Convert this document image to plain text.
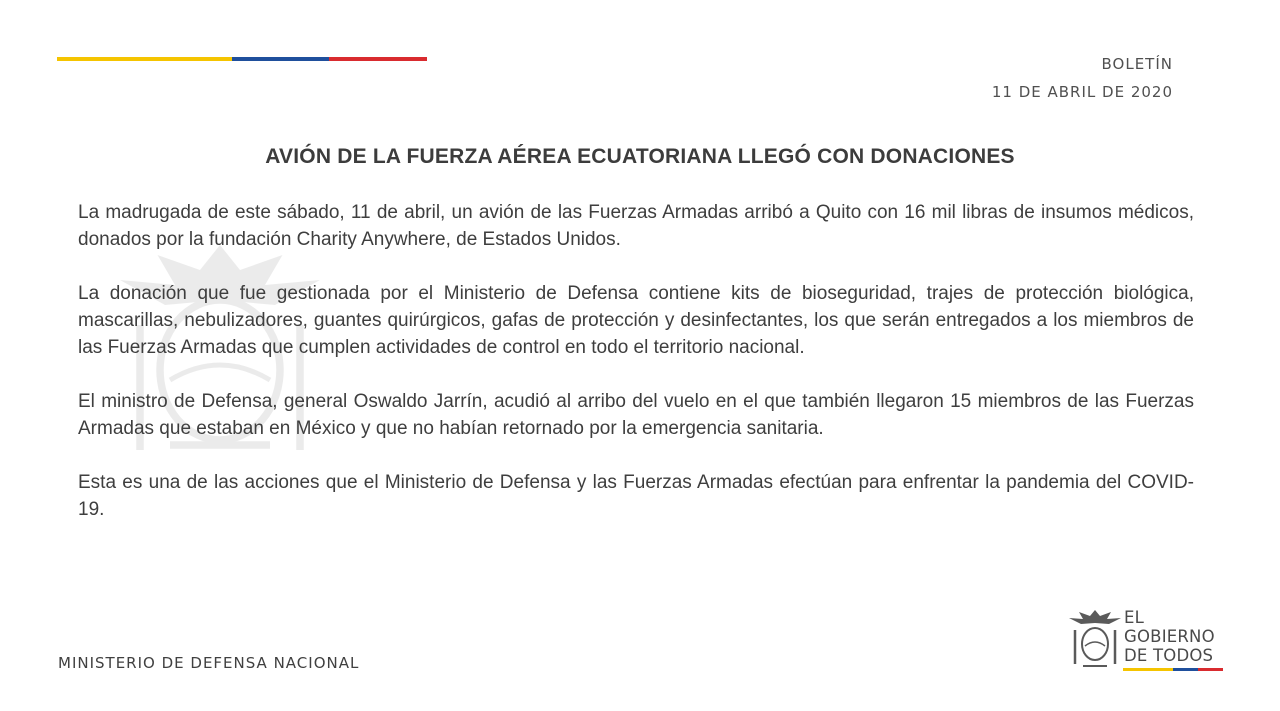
BOLETÍN
11 DE ABRIL DE 2020
AVIÓN DE LA FUERZA AÉREA ECUATORIANA LLEGÓ CON DONACIONES

La madrugada de este sábado, 11 de abril, un avión de las Fuerzas Armadas arribó a Quito con 16 mil libras de insumos médicos, donados por la fundación Charity Anywhere, de Estados Unidos.

La donación que fue gestionada por el Ministerio de Defensa contiene kits de bioseguridad, trajes de protección biológica, mascarillas, nebulizadores, guantes quirúrgicos, gafas de protección y desinfectantes, los que serán entregados a los miembros de las Fuerzas Armadas que cumplen actividades de control en todo el territorio nacional.

El ministro de Defensa, general Oswaldo Jarrín, acudió al arribo del vuelo en el que también llegaron 15 miembros de las Fuerzas Armadas que estaban en México y que no habían retornado por la emergencia sanitaria.

Esta es una de las acciones que el Ministerio de Defensa y las Fuerzas Armadas efectúan para enfrentar la pandemia del COVID-19.

MINISTERIO DE DEFENSA NACIONAL
EL
GOBIERNO
DE TODOS
